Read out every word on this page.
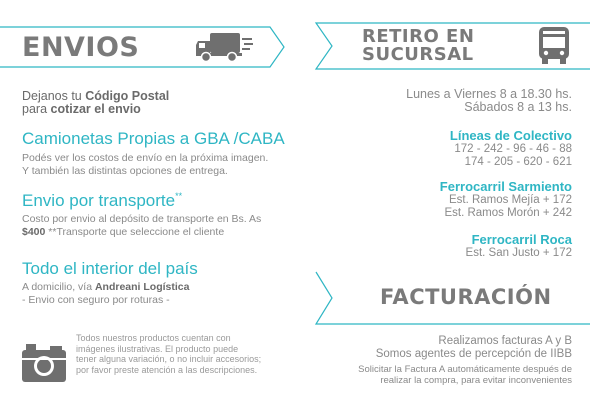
ENVIOS
Dejanos tu Código Postal
para cotizar el envio
Camionetas Propias a GBA /CABA
Podés ver los costos de envío en la próxima imagen.
Y también las distintas opciones de entrega.
Envio por transporte**
Costo por envio al depósito de transporte en Bs. As
$400 **Transporte que seleccione el cliente
Todo el interior del país
A domicilio, vía Andreani Logística
- Envio con seguro por roturas -
Todos nuestros productos cuentan con
imágenes ilustrativas. El producto puede
tener alguna variación, o no incluir accesorios;
por favor preste atención a las descripciones.
RETIRO EN
SUCURSAL
Lunes a Viernes 8 a 18.30 hs.
Sábados 8 a 13 hs.
Líneas de Colectivo
172 - 242 - 96 - 46 - 88
174 - 205 - 620 - 621
Ferrocarril Sarmiento
Est. Ramos Mejía + 172
Est. Ramos Morón + 242
Ferrocarril Roca
Est. San Justo + 172
FACTURACIÓN
Realizamos facturas A y B
Somos agentes de percepción de IIBB
Solicitar la Factura A automáticamente después de
realizar la compra, para evitar inconvenientes
